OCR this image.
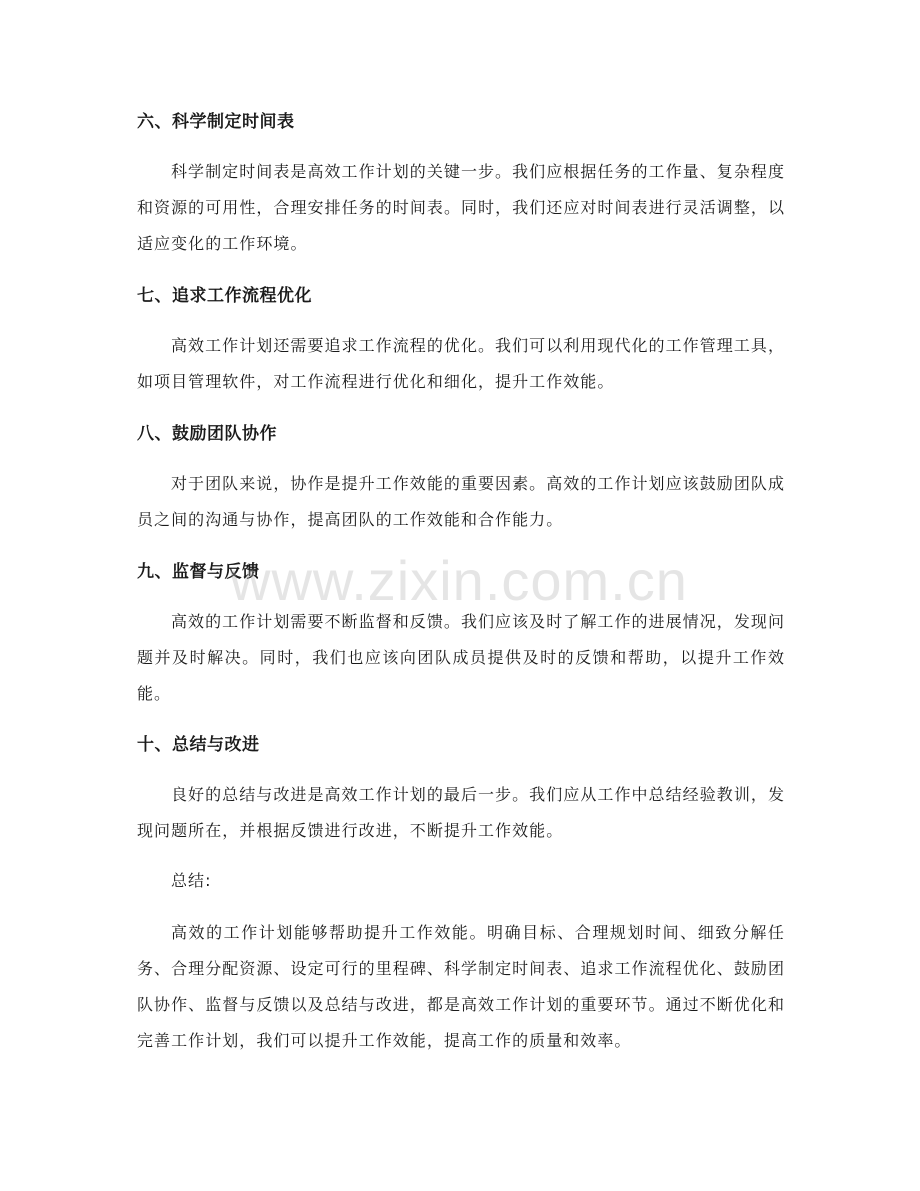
六、科学制定时间表

科学制定时间表是高效工作计划的关键一步。我们应根据任务的工作量、复杂程度和资源的可用性，合理安排任务的时间表。同时，我们还应对时间表进行灵活调整，以适应变化的工作环境。

七、追求工作流程优化

高效工作计划还需要追求工作流程的优化。我们可以利用现代化的工作管理工具，如项目管理软件，对工作流程进行优化和细化，提升工作效能。

八、鼓励团队协作

对于团队来说，协作是提升工作效能的重要因素。高效的工作计划应该鼓励团队成员之间的沟通与协作，提高团队的工作效能和合作能力。

九、监督与反馈

高效的工作计划需要不断监督和反馈。我们应该及时了解工作的进展情况，发现问题并及时解决。同时，我们也应该向团队成员提供及时的反馈和帮助，以提升工作效能。

十、总结与改进

良好的总结与改进是高效工作计划的最后一步。我们应从工作中总结经验教训，发现问题所在，并根据反馈进行改进，不断提升工作效能。

总结:

高效的工作计划能够帮助提升工作效能。明确目标、合理规划时间、细致分解任务、合理分配资源、设定可行的里程碑、科学制定时间表、追求工作流程优化、鼓励团队协作、监督与反馈以及总结与改进，都是高效工作计划的重要环节。通过不断优化和完善工作计划，我们可以提升工作效能，提高工作的质量和效率。

www.zixin.com.cn
